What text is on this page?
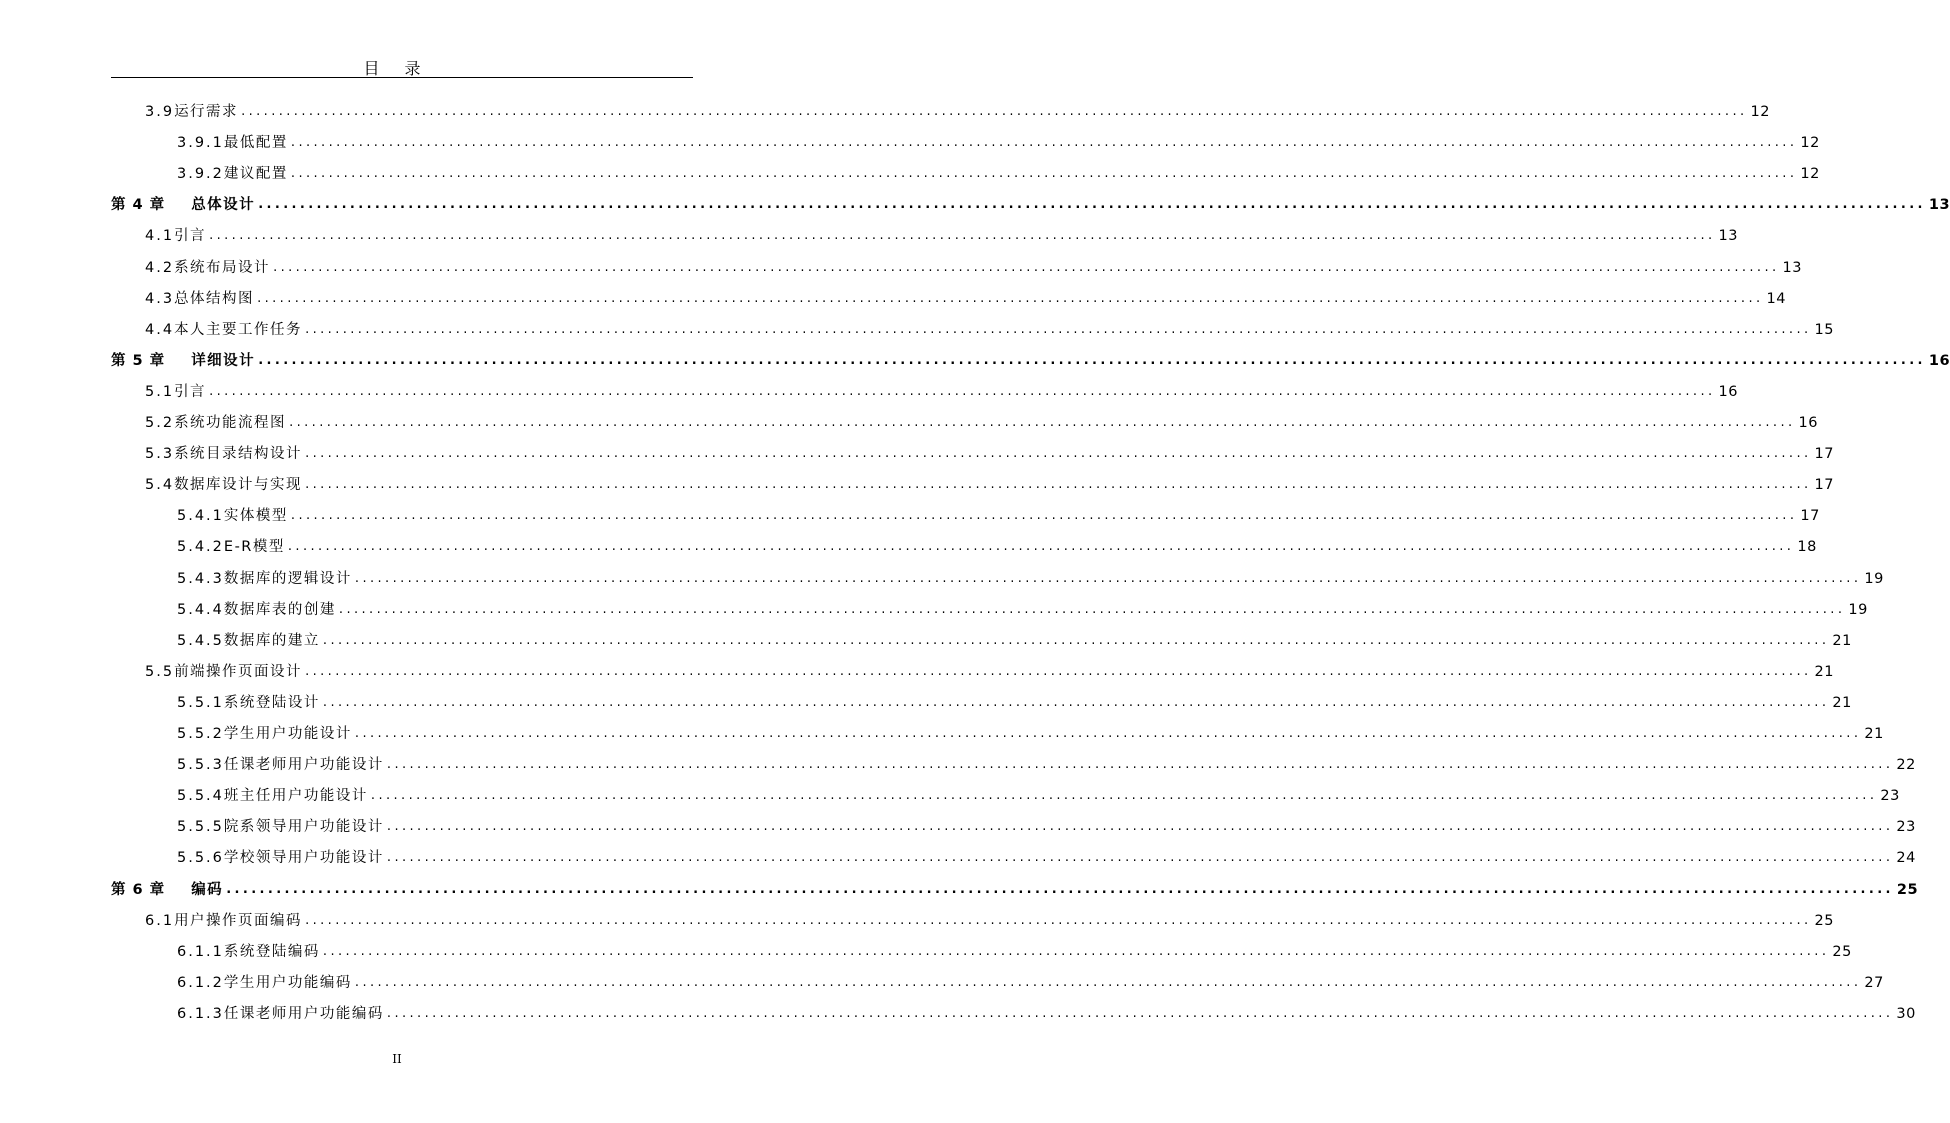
目 录
3.9 运行需求 ........................................................................................................................................................................................................ 12
3.9.1 最低配置 ........................................................................................................................................................................................................ 12
3.9.2 建议配置 ........................................................................................................................................................................................................ 12
第 4 章 总体设计 ........................................................................................................................................................................................................ 13
4.1 引言 ........................................................................................................................................................................................................ 13
4.2 系统布局设计 ........................................................................................................................................................................................................ 13
4.3 总体结构图 ........................................................................................................................................................................................................ 14
4.4 本人主要工作任务 ........................................................................................................................................................................................................ 15
第 5 章 详细设计 ........................................................................................................................................................................................................ 16
5.1 引言 ........................................................................................................................................................................................................ 16
5.2 系统功能流程图 ........................................................................................................................................................................................................ 16
5.3 系统目录结构设计 ........................................................................................................................................................................................................ 17
5.4 数据库设计与实现 ........................................................................................................................................................................................................ 17
5.4.1 实体模型 ........................................................................................................................................................................................................ 17
5.4.2 E-R模型 ........................................................................................................................................................................................................ 18
5.4.3 数据库的逻辑设计 ........................................................................................................................................................................................................ 19
5.4.4 数据库表的创建 ........................................................................................................................................................................................................ 19
5.4.5 数据库的建立 ........................................................................................................................................................................................................ 21
5.5 前端操作页面设计 ........................................................................................................................................................................................................ 21
5.5.1 系统登陆设计 ........................................................................................................................................................................................................ 21
5.5.2 学生用户功能设计 ........................................................................................................................................................................................................ 21
5.5.3 任课老师用户功能设计 ........................................................................................................................................................................................................ 22
5.5.4 班主任用户功能设计 ........................................................................................................................................................................................................ 23
5.5.5 院系领导用户功能设计 ........................................................................................................................................................................................................ 23
5.5.6 学校领导用户功能设计 ........................................................................................................................................................................................................ 24
第 6 章 编码 ........................................................................................................................................................................................................ 25
6.1 用户操作页面编码 ........................................................................................................................................................................................................ 25
6.1.1 系统登陆编码 ........................................................................................................................................................................................................ 25
6.1.2 学生用户功能编码 ........................................................................................................................................................................................................ 27
6.1.3 任课老师用户功能编码 ........................................................................................................................................................................................................ 30
II
